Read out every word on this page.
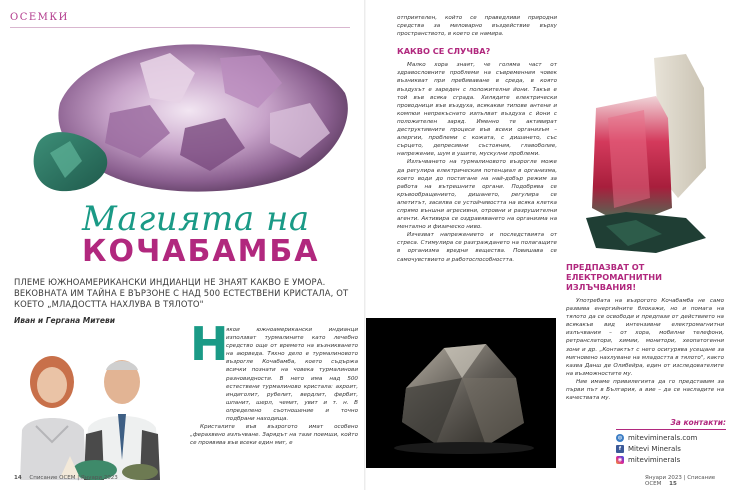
ОСЕМКИ
Магията на
КОЧАБАМБА
ПЛЕМЕ ЮЖНОАМЕРИКАНСКИ ИНДИАНЦИ НЕ ЗНАЯТ КАКВО Е УМОРА. ВЕКОВНАТА ИМ ТАЙНА Е ВЪРЗОНЕ С НАД 500 ЕСТЕСТВЕНИ КРИСТАЛА, ОТ КОЕТО „МЛАДОСТТА НАХЛУВА В ТЯЛОТО"
Иван и Гергана Митеви Н

якои южноамерикански индианци използват турмалините като лечебно средство още от времето на възникването на аюрведа. Тяхно дело е турмалиновото възрогле Кочабамба, което съдържа всички познати на човека турмалинови разновидности. В него има над 500 естествени турмалиново кристала: ахроит, индиголит, рубелит, вердлит, фербит, шпанит, шерл, чемит, увит и т. н. В определено съотношение и точно подбрани находища.

Кристалите във възрогото имат особено „ферахвено излъчване. Зарядът на тази поемши, който се проявява във всеки един миг, е

14 Списание ОСЕМ | Януари 2023

отприятелен, който се праведливи природни средства за миловарно въздействие върху пространството, в което се намира.

КАКВО СЕ СЛУЧВА?

Малко хора знаят, че голяма част от здравословните проблеми на съвременния човек възникват при пребиваване в среда, в която въздухът е зареден с положителни йони. Такъв е той във всяка сграда. Хилядите електрически проводници във въздуха, всякакви типове антени и компюи непрекъснато изпълват въздуха с йони с положителен заряд. Именно те активират деструктивните процеси във всеки организъм – алергии, проблеми с кожата, с дишането, със сърцето, депресивни състояния, главоболие, напрежение, шум в ушите, мускулни проблеми.

Излъчването на турмалиновото възрогле може да регулира електрическия потенциал в организма, което води до постигане на най-добър режим за работа на вътрешните органи. Подобрява се кръвообращението, дишането, регулира се апетитът, засилва се устойчивостта на всяка клетка спрямо външни агресивни, отровни и разрушителни агенти. Активира се оздравяването на организма на ментално и физическо ниво.

Изчезват напрежението и последствията от стреса. Стимулира се разграждането на полагащите в организма вредни вещества. Повишава се самочувствието и работоспособността.

ПРЕДПАЗВАТ ОТ ЕЛЕКТРОМАГНИТНИ ИЗЛЪЧВАНИЯ!

Употребата на възрогото Кочабамба не само развива енергийните блокажи, но и помага на тялото да се освободи и предпази от действието на всякакъв вид интензивни електромагнитни излъчвания – от хора, мобилни телефони, ретранслатори, химии, монитори, хеопатогенни зони и др. „Контактът с него осигурява усещане за мигновено нахлуване на младостта в тялото", както казва Данш де Олибейра, един от изследователите на възможностите му.

Ние имаме привилегията да го представим за първи път в България, а вие – да се насладите на качествата му.

За контакти:
◍ miteviminerals.com
f Mitevi Minerals
◉ mitevimineraIs
Януари 2023 | Списание ОСЕМ 15
